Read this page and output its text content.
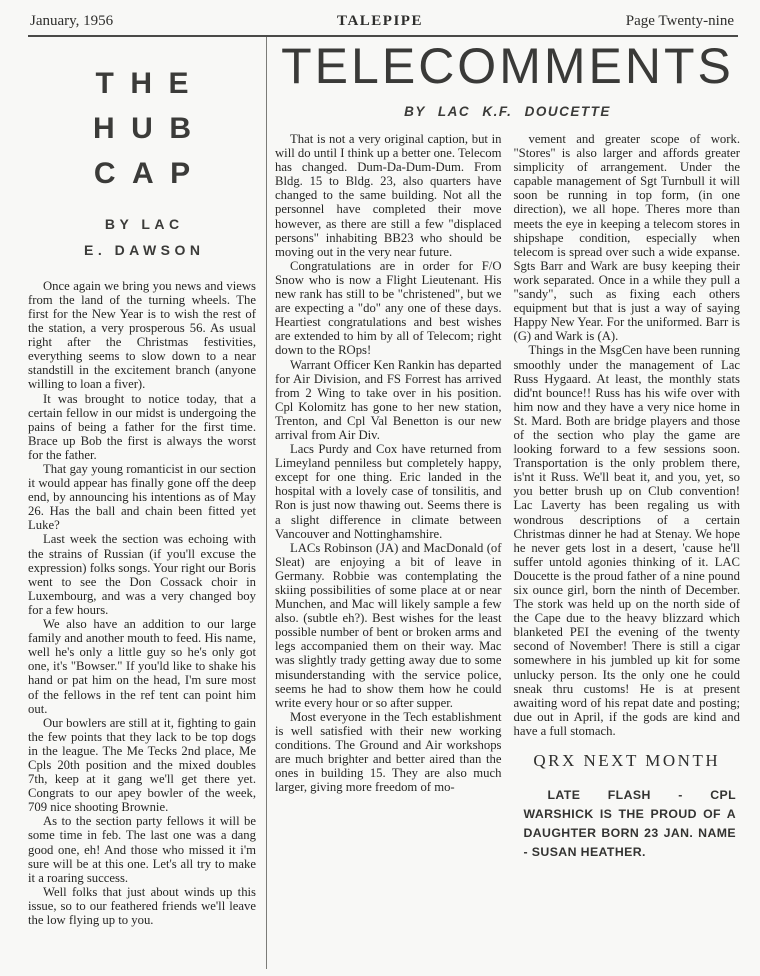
January, 1956	TALEPIPE	Page Twenty-nine
THE
HUB
CAP
BY LAC
E. DAWSON

Once again we bring you news and views from the land of the turning wheels. The first for the New Year is to wish the rest of the station, a very prosperous 56. As usual right after the Christmas festivities, everything seems to slow down to a near standstill in the excitement branch (anyone willing to loan a fiver).

It was brought to notice today, that a certain fellow in our midst is undergoing the pains of being a father for the first time. Brace up Bob the first is always the worst for the father.

That gay young romanticist in our section it would appear has finally gone off the deep end, by announcing his intentions as of May 26. Has the ball and chain been fitted yet Luke?

Last week the section was echoing with the strains of Russian (if you'll excuse the expression) folks songs. Your right our Boris went to see the Don Cossack choir in Luxembourg, and was a very changed boy for a few hours.

We also have an addition to our large family and another mouth to feed. His name, well he's only a little guy so he's only got one, it's "Bowser." If you'ld like to shake his hand or pat him on the head, I'm sure most of the fellows in the ref tent can point him out.

Our bowlers are still at it, fighting to gain the few points that they lack to be top dogs in the league. The Me Tecks 2nd place, Me Cpls 20th position and the mixed doubles 7th, keep at it gang we'll get there yet. Congrats to our apey bowler of the week, 709 nice shooting Brownie.

As to the section party fellows it will be some time in feb. The last one was a dang good one, eh! And those who missed it i'm sure will be at this one. Let's all try to make it a roaring success.

Well folks that just about winds up this issue, so to our feathered friends we'll leave the low flying up to you.

TELECOMMENTS
BY LAC K.F. DOUCETTE

That is not a very original caption, but in will do until I think up a better one. Telecom has changed. Dum-Da-Dum-Dum. From Bldg. 15 to Bldg. 23, also quarters have changed to the same building. Not all the personnel have completed their move however, as there are still a few "displaced persons" inhabiting BB23 who should be moving out in the very near future.

Congratulations are in order for F/O Snow who is now a Flight Lieutenant. His new rank has still to be "christened", but we are expecting a "do" any one of these days. Heartiest congratulations and best wishes are extended to him by all of Telecom; right down to the ROps!

Warrant Officer Ken Rankin has departed for Air Division, and FS Forrest has arrived from 2 Wing to take over in his position. Cpl Kolomitz has gone to her new station, Trenton, and Cpl Val Benetton is our new arrival from Air Div.

Lacs Purdy and Cox have returned from Limeyland penniless but completely happy, except for one thing. Eric landed in the hospital with a lovely case of tonsilitis, and Ron is just now thawing out. Seems there is a slight difference in climate between Vancouver and Nottinghamshire.

LACs Robinson (JA) and MacDonald (of Sleat) are enjoying a bit of leave in Germany. Robbie was contemplating the skiing possibilities of some place at or near Munchen, and Mac will likely sample a few also. (subtle eh?). Best wishes for the least possible number of bent or broken arms and legs accompanied them on their way. Mac was slightly trady getting away due to some misunderstanding with the service police, seems he had to show them how he could write every hour or so after supper.

Most everyone in the Tech establishment is well satisfied with their new working conditions. The Ground and Air workshops are much brighter and better aired than the ones in building 15. They are also much larger, giving more freedom of mo-

vement and greater scope of work. "Stores" is also larger and affords greater simplicity of arrangement. Under the capable management of Sgt Turnbull it will soon be running in top form, (in one direction), we all hope. Theres more than meets the eye in keeping a telecom stores in shipshape condition, especially when telecom is spread over such a wide expanse. Sgts Barr and Wark are busy keeping their work separated. Once in a while they pull a "sandy", such as fixing each others equipment but that is just a way of saying Happy New Year. For the uniformed. Barr is (G) and Wark is (A).

Things in the MsgCen have been running smoothly under the management of Lac Russ Hygaard. At least, the monthly stats did'nt bounce!! Russ has his wife over with him now and they have a very nice home in St. Mard. Both are bridge players and those of the section who play the game are looking forward to a few sessions soon. Transportation is the only problem there, is'nt it Russ. We'll beat it, and you, yet, so you better brush up on Club convention! Lac Laverty has been regaling us with wondrous descriptions of a certain Christmas dinner he had at Stenay. We hope he never gets lost in a desert, 'cause he'll suffer untold agonies thinking of it. LAC Doucette is the proud father of a nine pound six ounce girl, born the ninth of December. The stork was held up on the north side of the Cape due to the heavy blizzard which blanketed PEI the evening of the twenty second of November! There is still a cigar somewhere in his jumbled up kit for some unlucky person. Its the only one he could sneak thru customs! He is at present awaiting word of his repat date and posting; due out in April, if the gods are kind and have a full stomach.

QRX NEXT MONTH
LATE FLASH - CPL WARSHICK IS THE PROUD OF A DAUGHTER BORN 23 JAN. NAME - SUSAN HEATHER.
